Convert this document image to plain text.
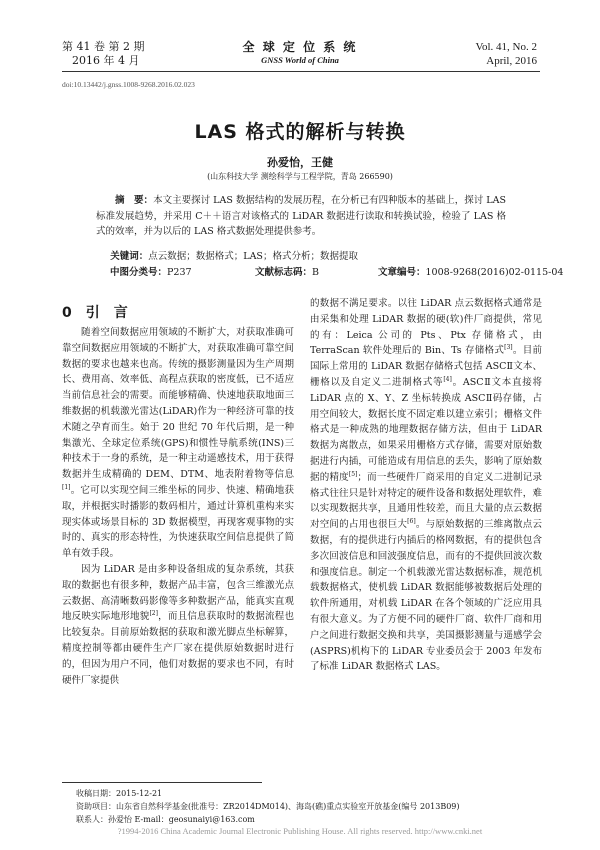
第 41 卷 第 2 期
2016 年 4 月
全 球 定 位 系 统
GNSS World of China
Vol. 41, No. 2
April, 2016
doi:10.13442/j.gnss.1008-9268.2016.02.023
LAS 格式的解析与转换
孙爱怡，王健
(山东科技大学 测绘科学与工程学院，青岛 266590)

摘　要：本文主要探讨 LAS 数据结构的发展历程，在分析已有四种版本的基础上，探讨 LAS 标准发展趋势，并采用 C＋＋语言对该格式的 LiDAR 数据进行读取和转换试验，检验了 LAS 格式的效率，并为以后的 LAS 格式数据处理提供参考。

关键词：点云数据；数据格式；LAS；格式分析；数据提取
中图分类号：P237	文献标志码：B	文章编号：1008-9268(2016)02-0115-04
0 引言

随着空间数据应用领域的不断扩大，对获取准确可靠空间数据应用领域的不断扩大，对获取准确可靠空间数据的要求也越来也高。传统的摄影测量因为生产周期长、费用高、效率低、高程点获取的密度低，已不适应当前信息社会的需要。而能够精确、快速地获取地面三维数据的机载激光雷达(LiDAR)作为一种经济可靠的技术随之孕育而生。始于 20 世纪 70 年代后期，是一种集激光、全球定位系统(GPS)和惯性导航系统(INS)三种技术于一身的系统，是一种主动遥感技术，用于获得数据并生成精确的 DEM、DTM、地表附着物等信息[1]。它可以实现空间三维坐标的同步、快速、精确地获取，并根据实时播影的数码相片，通过计算机重构来实现实体或场景目标的 3D 数据模型，再现客观事物的实时的、真实的形态特性，为快速获取空间信息提供了简单有效手段。

因为 LiDAR 是由多种设备组成的复杂系统，其获取的数据也有很多种，数据产品丰富，包含三维激光点云数据、高清晰数码影像等多种数据产品，能真实直观地反映实际地形地貌[2]，而且信息获取时的数据流程也比较复杂。目前原始数据的获取和激光脚点坐标解算，精度控制等都由硬件生产厂家在提供原始数据时进行的，但因为用户不同，他们对数据的要求也不同，有时硬件厂家提供

的数据不满足要求。以往 LiDAR 点云数据格式通常是由采集和处理 LiDAR 数据的硬(软)件厂商提供，常见的有：Leica 公司的 Pts、Ptx 存储格式，由 TerraScan 软件处理后的 Bin、Ts 存储格式[3]。目前国际上常用的 LiDAR 数据存储格式包括 ASCⅡ文本、栅格以及自定义二进制格式等[4]。ASCⅡ文本直接将 LiDAR 点的 X、Y、Z 坐标转换成 ASCⅡ码存储，占用空间较大，数据长度不固定难以建立索引；栅格文件格式是一种成熟的地理数据存储方法，但由于 LiDAR 数据为离散点，如果采用栅格方式存储，需要对原始数据进行内插，可能造成有用信息的丢失，影响了原始数据的精度[5]；而一些硬件厂商采用的自定义二进制记录格式往往只是针对特定的硬件设备和数据处理软件，难以实现数据共享，且通用性较差，而且大量的点云数据对空间的占用也很巨大[6]。与原始数据的三维离散点云数据，有的提供进行内插后的格网数据，有的提供包含多次回波信息和回波强度信息，而有的不提供回波次数和强度信息。制定一个机载激光雷达数据标准，规范机载数据格式，使机载 LiDAR 数据能够被数据后处理的软件所通用，对机载 LiDAR 在各个领域的广泛应用具有很大意义。为了方便不同的硬件厂商、软件厂商和用户之间进行数据交换和共享，美国摄影测量与遥感学会(ASPRS)机构下的 LiDAR 专业委员会于 2003 年发布了标准 LiDAR 数据格式 LAS。

收稿日期：2015-12-21
资助项目：山东省自然科学基金(批准号：ZR2014DM014)、海岛(礁)重点实验室开放基金(编号 2013B09)
联系人：孙爱怡 E-mail：geosunaiyi@163.com
?1994-2016 China Academic Journal Electronic Publishing House. All rights reserved. http://www.cnki.net
